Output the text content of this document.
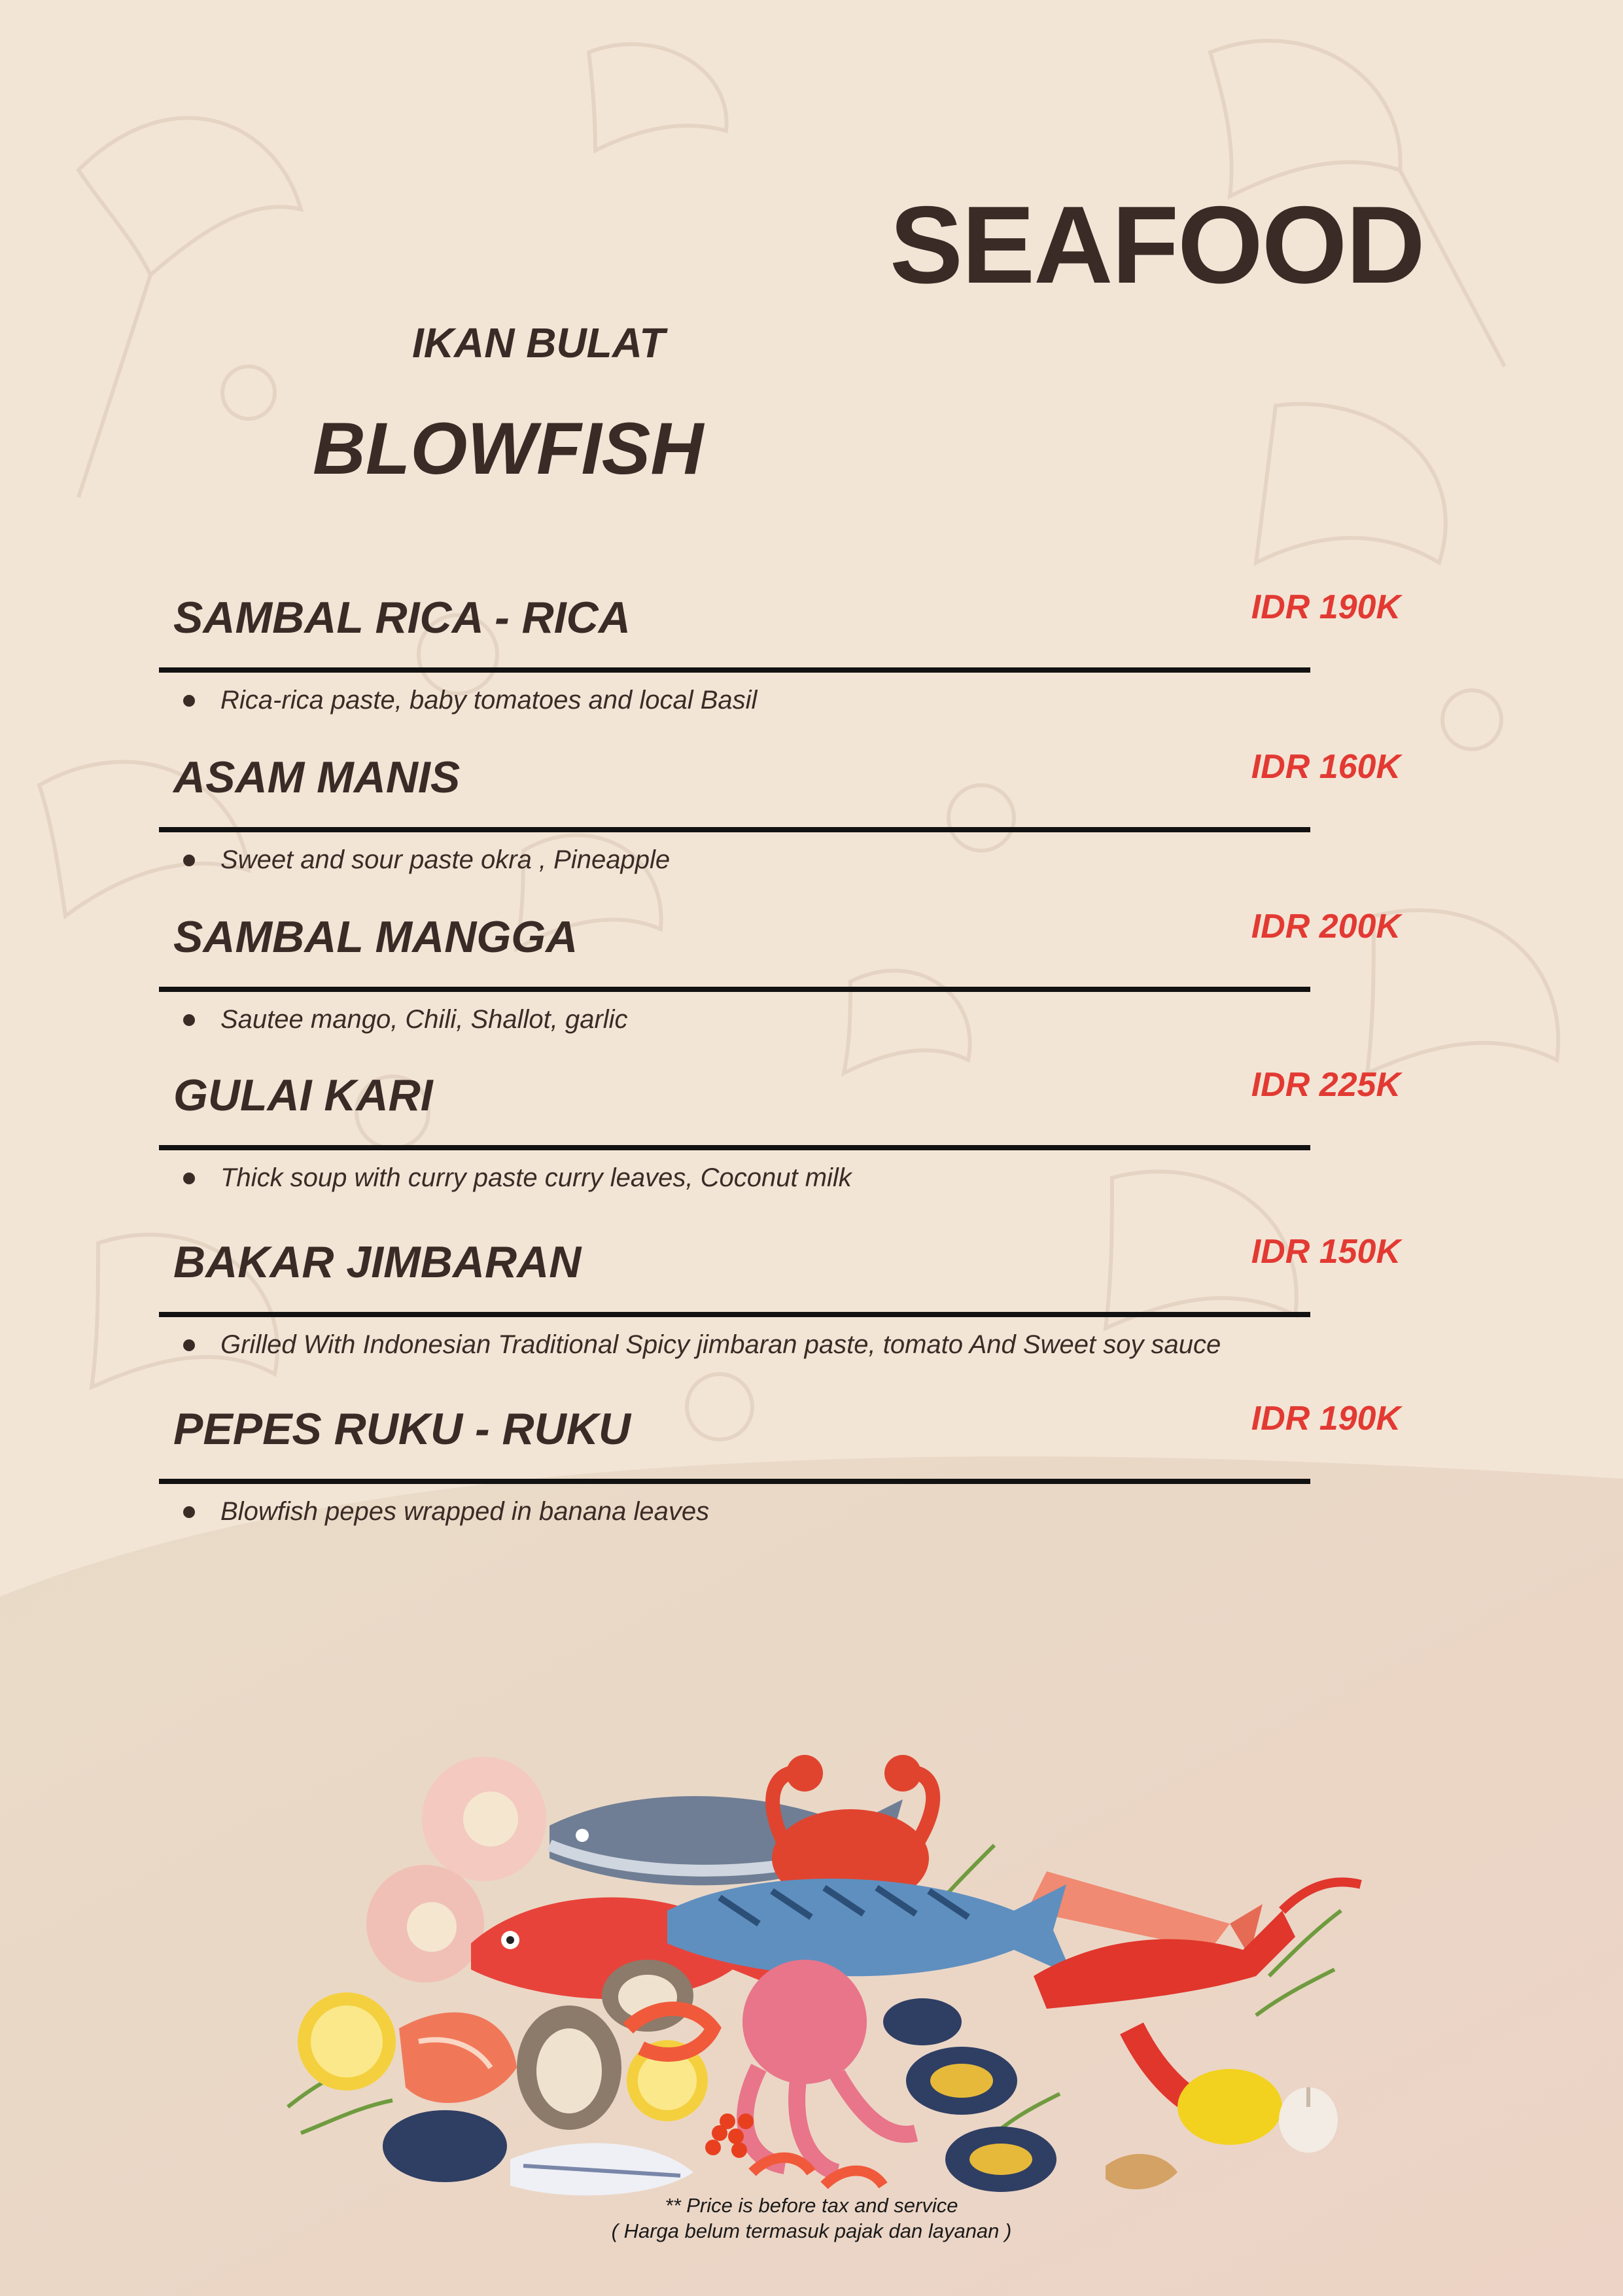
SEAFOOD
IKAN BULAT
BLOWFISH
SAMBAL RICA - RICA	IDR 190K
Rica-rica paste, baby tomatoes and local Basil
ASAM MANIS	IDR 160K
Sweet and sour paste okra , Pineapple
SAMBAL MANGGA	IDR 200K
Sautee mango, Chili, Shallot, garlic
GULAI KARI	IDR 225K
Thick soup with curry paste curry leaves, Coconut milk
BAKAR JIMBARAN	IDR 150K
Grilled With Indonesian Traditional Spicy jimbaran paste, tomato And Sweet soy sauce
PEPES RUKU - RUKU	IDR 190K
Blowfish pepes wrapped in banana leaves
** Price is before tax and service
( Harga belum termasuk pajak dan layanan )
